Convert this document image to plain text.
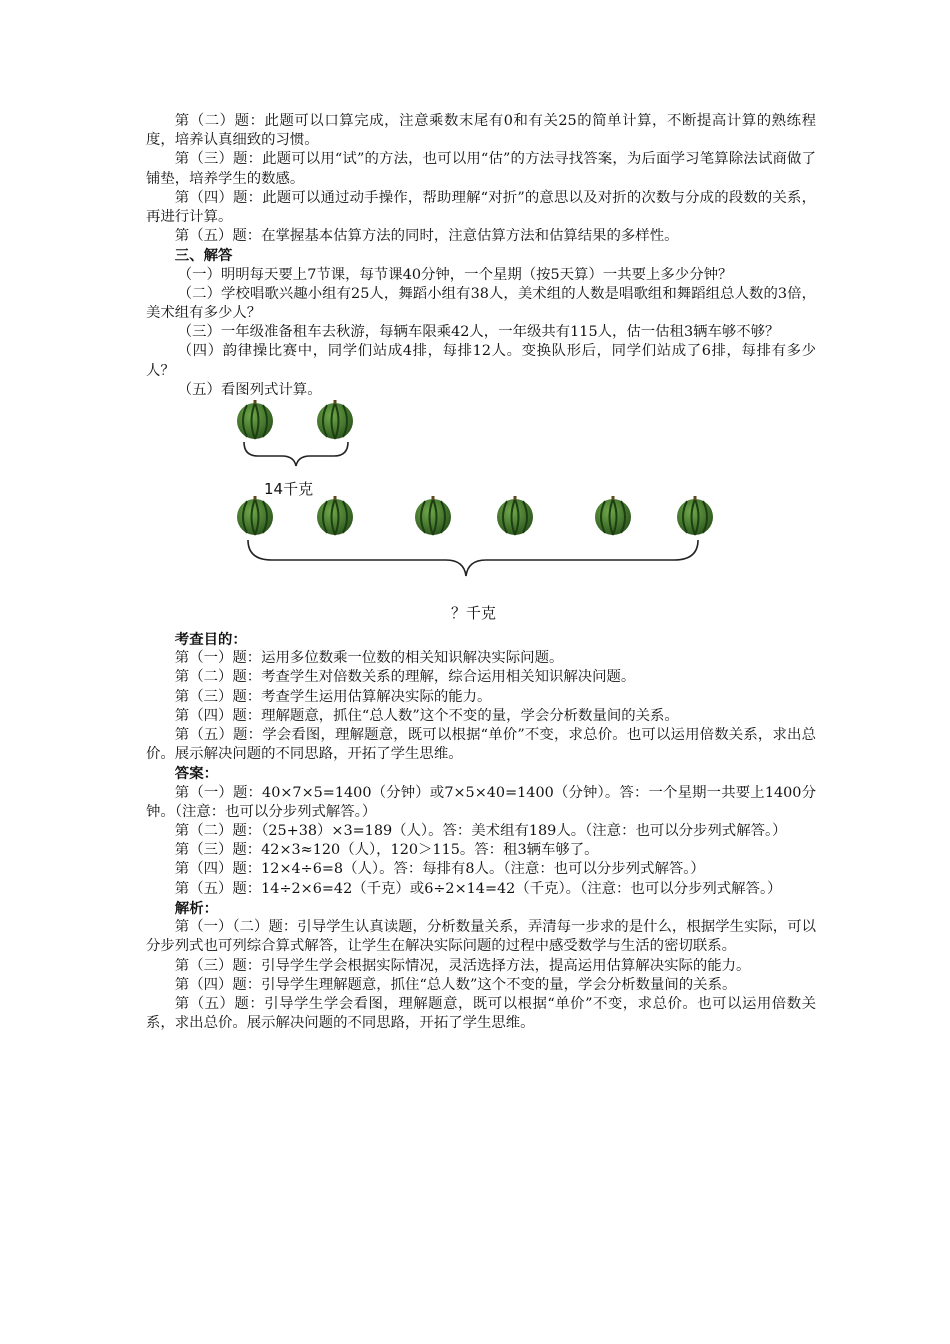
第（二）题：此题可以口算完成，注意乘数末尾有0和有关25的简单计算，不断提高计算的熟练程度，培养认真细致的习惯。

第（三）题：此题可以用“试”的方法，也可以用“估”的方法寻找答案，为后面学习笔算除法试商做了铺垫，培养学生的数感。

第（四）题：此题可以通过动手操作，帮助理解“对折”的意思以及对折的次数与分成的段数的关系，再进行计算。

第（五）题：在掌握基本估算方法的同时，注意估算方法和估算结果的多样性。

三、解答

（一）明明每天要上7节课，每节课40分钟，一个星期（按5天算）一共要上多少分钟？

（二）学校唱歌兴趣小组有25人，舞蹈小组有38人，美术组的人数是唱歌组和舞蹈组总人数的3倍，美术组有多少人？

（三）一年级准备租车去秋游，每辆车限乘42人，一年级共有115人，估一估租3辆车够不够？

（四）韵律操比赛中，同学们站成4排，每排12人。变换队形后，同学们站成了6排，每排有多少人？

（五）看图列式计算。

14千克
？千克

考查目的：

第（一）题：运用多位数乘一位数的相关知识解决实际问题。

第（二）题：考查学生对倍数关系的理解，综合运用相关知识解决问题。

第（三）题：考查学生运用估算解决实际的能力。

第（四）题：理解题意，抓住“总人数”这个不变的量，学会分析数量间的关系。

第（五）题：学会看图，理解题意，既可以根据“单价”不变，求总价。也可以运用倍数关系，求出总价。展示解决问题的不同思路，开拓了学生思维。

答案：

第（一）题：40×7×5=1400（分钟）或7×5×40=1400（分钟）。答：一个星期一共要上1400分钟。（注意：也可以分步列式解答。）

第（二）题：（25+38）×3=189（人）。答：美术组有189人。（注意：也可以分步列式解答。）

第（三）题：42×3≈120（人），120＞115。答：租3辆车够了。

第（四）题：12×4÷6=8（人）。答：每排有8人。（注意：也可以分步列式解答。）

第（五）题：14÷2×6=42（千克）或6÷2×14=42（千克）。（注意：也可以分步列式解答。）

解析：

第（一）（二）题：引导学生认真读题，分析数量关系，弄清每一步求的是什么，根据学生实际，可以分步列式也可列综合算式解答，让学生在解决实际问题的过程中感受数学与生活的密切联系。

第（三）题：引导学生学会根据实际情况，灵活选择方法，提高运用估算解决实际的能力。

第（四）题：引导学生理解题意，抓住“总人数”这个不变的量，学会分析数量间的关系。

第（五）题：引导学生学会看图，理解题意，既可以根据“单价”不变，求总价。也可以运用倍数关系，求出总价。展示解决问题的不同思路，开拓了学生思维。
